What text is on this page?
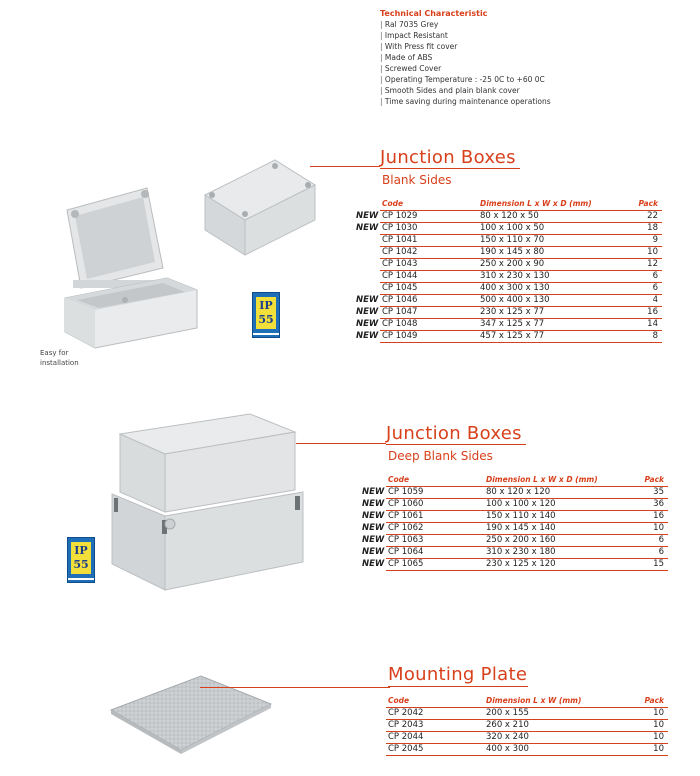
Technical Characteristic
| Ral 7035 Grey
| Impact Resistant
| With Press fit cover
| Made of ABS
| Screwed Cover
| Operating Temperature : -25 0C to +60 0C
| Smooth Sides and plain blank cover
| Time saving during maintenance operations
Easy for
installation
IP
55
Junction Boxes
Blank Sides
Code	Dimension L x W x D (mm)	Pack
NEW CP 1029	80 x 120 x 50	22
NEW CP 1030	100 x 100 x 50	18
CP 1041	150 x 110 x 70	9
CP 1042	190 x 145 x 80	10
CP 1043	250 x 200 x 90	12
CP 1044	310 x 230 x 130	6
CP 1045	400 x 300 x 130	6
NEW CP 1046	500 x 400 x 130	4
NEW CP 1047	230 x 125 x 77	16
NEW CP 1048	347 x 125 x 77	14
NEW CP 1049	457 x 125 x 77	8
IP
55
Junction Boxes
Deep Blank Sides
Code	Dimension L x W x D (mm)	Pack
NEW CP 1059	80 x 120 x 120	35
NEW CP 1060	100 x 100 x 120	36
NEW CP 1061	150 x 110 x 140	16
NEW CP 1062	190 x 145 x 140	10
NEW CP 1063	250 x 200 x 160	6
NEW CP 1064	310 x 230 x 180	6
NEW CP 1065	230 x 125 x 120	15
Mounting Plate
Code	Dimension L x W (mm)	Pack
CP 2042	200 x 155	10
CP 2043	260 x 210	10
CP 2044	320 x 240	10
CP 2045	400 x 300	10
